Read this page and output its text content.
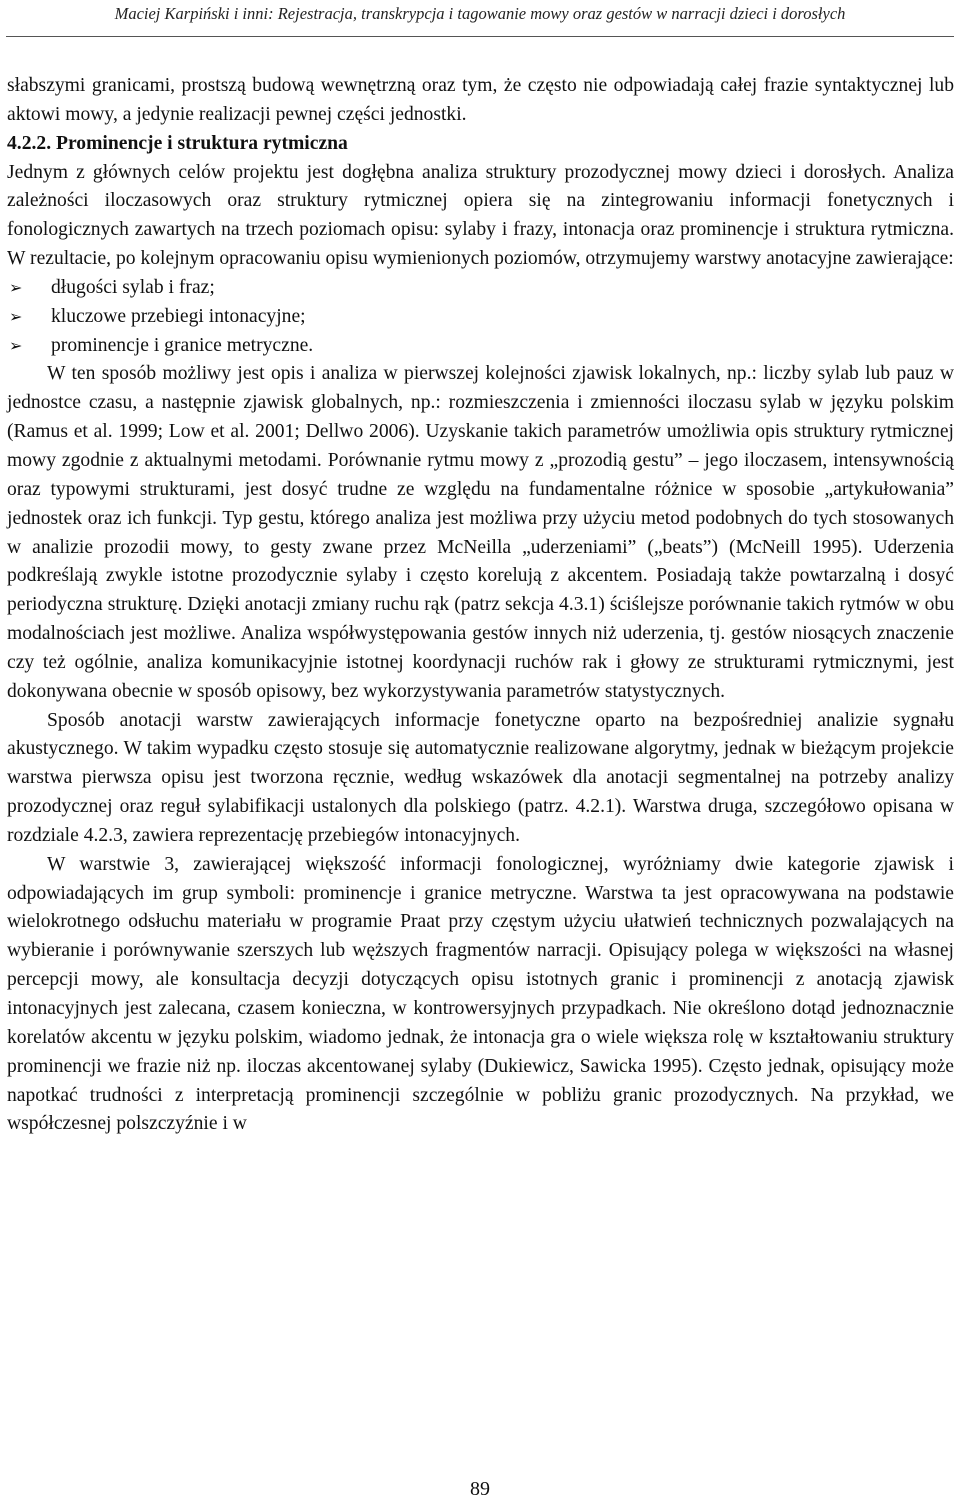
Maciej Karpiński i inni: Rejestracja, transkrypcja i tagowanie mowy oraz gestów w narracji dzieci i dorosłych

słabszymi granicami, prostszą budową wewnętrzną oraz tym, że często nie odpowiadają całej frazie syntaktycznej lub aktowi mowy, a jedynie realizacji pewnej części jednostki.

4.2.2. Prominencje i struktura rytmiczna

Jednym z głównych celów projektu jest dogłębna analiza struktury prozodycznej mowy dzieci i dorosłych. Analiza zależności iloczasowych oraz struktury rytmicznej opiera się na zintegrowaniu informacji fonetycznych i fonologicznych zawartych na trzech poziomach opisu: sylaby i frazy, intonacja oraz prominencje i struktura rytmiczna. W rezultacie, po kolejnym opracowaniu opisu wymienionych poziomów, otrzymujemy warstwy anotacyjne zawierające:

➢	długości sylab i fraz;
➢	kluczowe przebiegi intonacyjne;
➢	prominencje i granice metryczne.

W ten sposób możliwy jest opis i analiza w pierwszej kolejności zjawisk lokalnych, np.: liczby sylab lub pauz w jednostce czasu, a następnie zjawisk globalnych, np.: rozmieszczenia i zmienności iloczasu sylab w języku polskim (Ramus et al. 1999; Low et al. 2001; Dellwo 2006). Uzyskanie takich parametrów umożliwia opis struktury rytmicznej mowy zgodnie z aktualnymi metodami. Porównanie rytmu mowy z „prozodią gestu” – jego iloczasem, intensywnością oraz typowymi strukturami, jest dosyć trudne ze względu na fundamentalne różnice w sposobie „artykułowania” jednostek oraz ich funkcji. Typ gestu, którego analiza jest możliwa przy użyciu metod podobnych do tych stosowanych w analizie prozodii mowy, to gesty zwane przez McNeilla „uderzeniami” („beats”) (McNeill 1995). Uderzenia podkreślają zwykle istotne prozodycznie sylaby i często korelują z akcentem. Posiadają także powtarzalną i dosyć periodyczna strukturę. Dzięki anotacji zmiany ruchu rąk (patrz sekcja 4.3.1) ściślejsze porównanie takich rytmów w obu modalnościach jest możliwe. Analiza współwystępowania gestów innych niż uderzenia, tj. gestów niosących znaczenie czy też ogólnie, analiza komunikacyjnie istotnej koordynacji ruchów rak i głowy ze strukturami rytmicznymi, jest dokonywana obecnie w sposób opisowy, bez wykorzystywania parametrów statystycznych.

Sposób anotacji warstw zawierających informacje fonetyczne oparto na bezpośredniej analizie sygnału akustycznego. W takim wypadku często stosuje się automatycznie realizowane algorytmy, jednak w bieżącym projekcie warstwa pierwsza opisu jest tworzona ręcznie, według wskazówek dla anotacji segmentalnej na potrzeby analizy prozodycznej oraz reguł sylabifikacji ustalonych dla polskiego (patrz. 4.2.1). Warstwa druga, szczegółowo opisana w rozdziale 4.2.3, zawiera reprezentację przebiegów intonacyjnych.

W warstwie 3, zawierającej większość informacji fonologicznej, wyróżniamy dwie kategorie zjawisk i odpowiadających im grup symboli: prominencje i granice metryczne. Warstwa ta jest opracowywana na podstawie wielokrotnego odsłuchu materiału w programie Praat przy częstym użyciu ułatwień technicznych pozwalających na wybieranie i porównywanie szerszych lub węższych fragmentów narracji. Opisujący polega w większości na własnej percepcji mowy, ale konsultacja decyzji dotyczących opisu istotnych granic i prominencji z anotacją zjawisk intonacyjnych jest zalecana, czasem konieczna, w kontrowersyjnych przypadkach. Nie określono dotąd jednoznacznie korelatów akcentu w języku polskim, wiadomo jednak, że intonacja gra o wiele większa rolę w kształtowaniu struktury prominencji we frazie niż np. iloczas akcentowanej sylaby (Dukiewicz, Sawicka 1995). Często jednak, opisujący może napotkać trudności z interpretacją prominencji szczególnie w pobliżu granic prozodycznych. Na przykład, we współczesnej polszczyźnie i w

89
